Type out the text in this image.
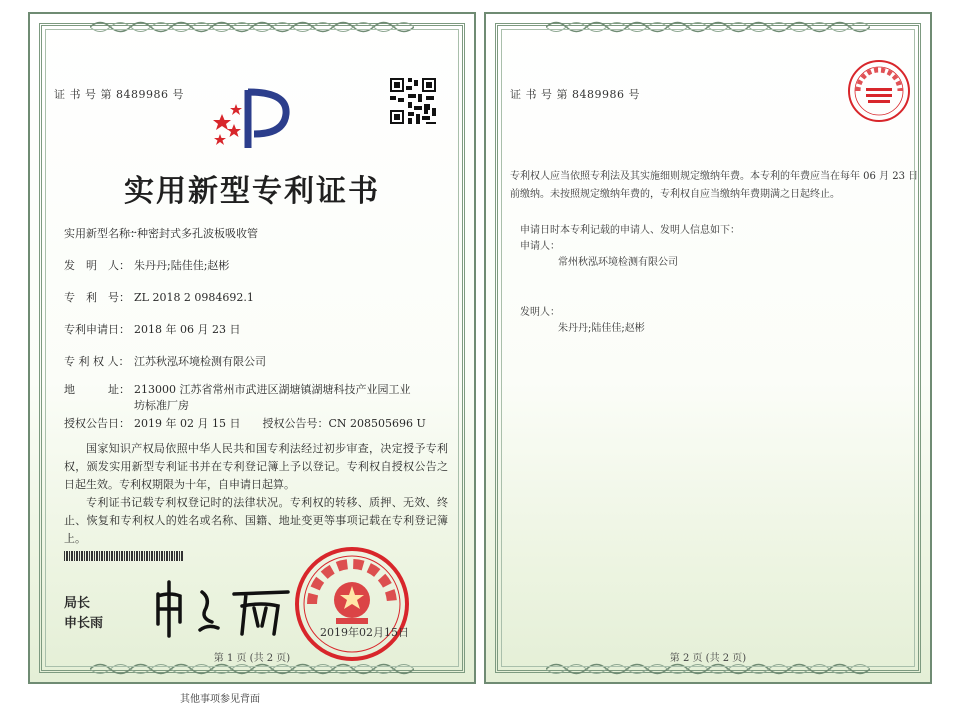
证 书 号 第 8489986 号
实用新型专利证书
实用新型名称：
一种密封式多孔波板吸收管
发　明　人： 朱丹丹;陆佳佳;赵彬
专　利　号： ZL 2018 2 0984692.1
专利申请日： 2018 年 06 月 23 日
专 利 权 人： 江苏秋泓环境检测有限公司
地　　　址： 213000 江苏省常州市武进区湖塘镇湖塘科技产业园工业
坊标准厂房
授权公告日： 2019 年 02 月 15 日　　授权公告号：CN 208505696 U
国家知识产权局依照中华人民共和国专利法经过初步审查，决定授予专利权，颁发实用新型专利证书并在专利登记簿上予以登记。专利权自授权公告之日起生效。专利权期限为十年，自申请日起算。
专利证书记载专利权登记时的法律状况。专利权的转移、质押、无效、终止、恢复和专利权人的姓名或名称、国籍、地址变更等事项记载在专利登记簿上。
局长
申长雨
2019年02月15日
第 1 页 (共 2 页)
证 书 号 第 8489986 号
专利权人应当依照专利法及其实施细则规定缴纳年费。本专利的年费应当在每年 06 月 23 日
前缴纳。未按照规定缴纳年费的，专利权自应当缴纳年费期满之日起终止。
申请日时本专利记载的申请人、发明人信息如下：
申请人：
常州秋泓环境检测有限公司
发明人：
朱丹丹;陆佳佳;赵彬
第 2 页 (共 2 页)
其他事项参见背面
